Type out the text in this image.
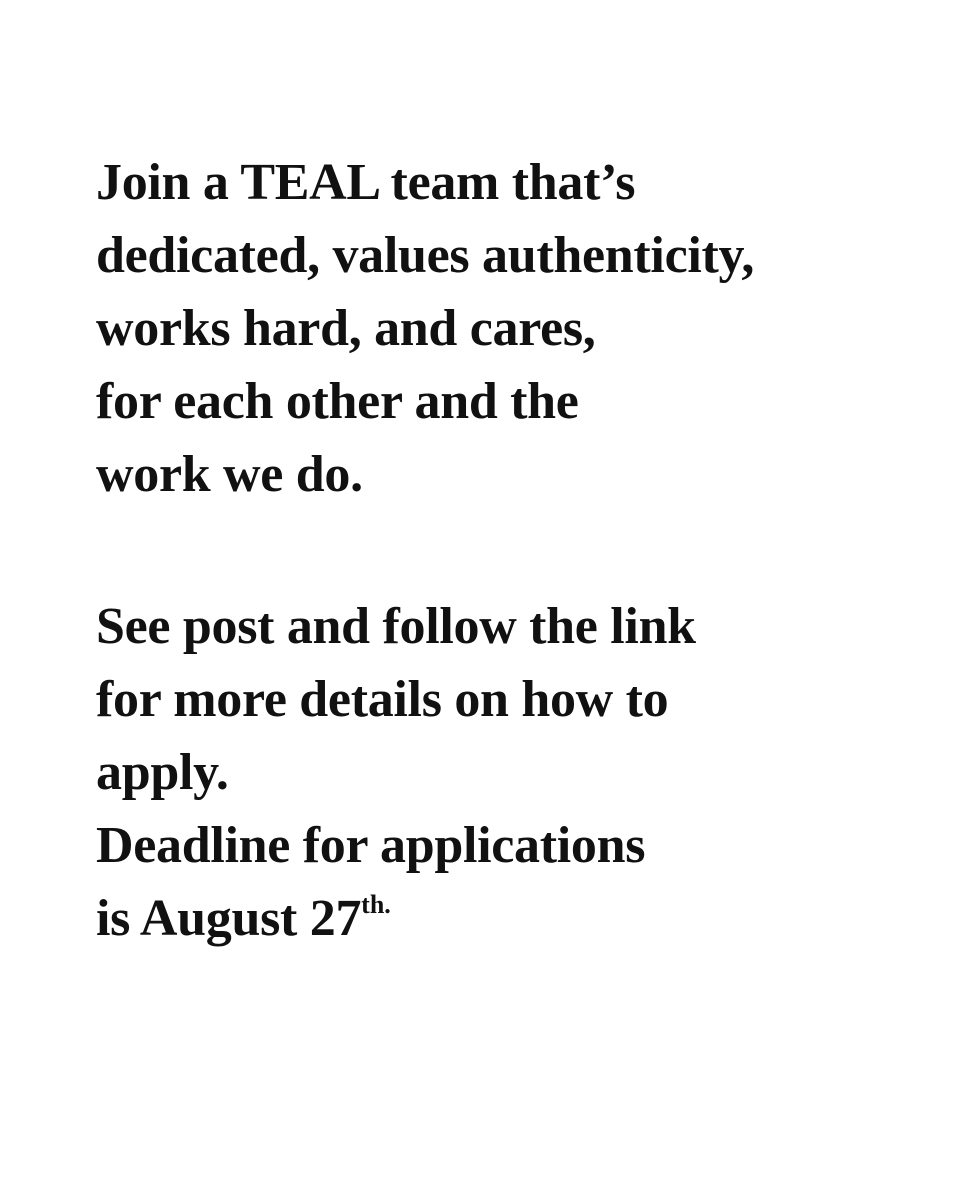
Join a TEAL team that’s
dedicated, values authenticity,
works hard, and cares,
for each other and the
work we do.
See post and follow the link
for more details on how to
apply.
Deadline for applications
is August $27^{th.}$
